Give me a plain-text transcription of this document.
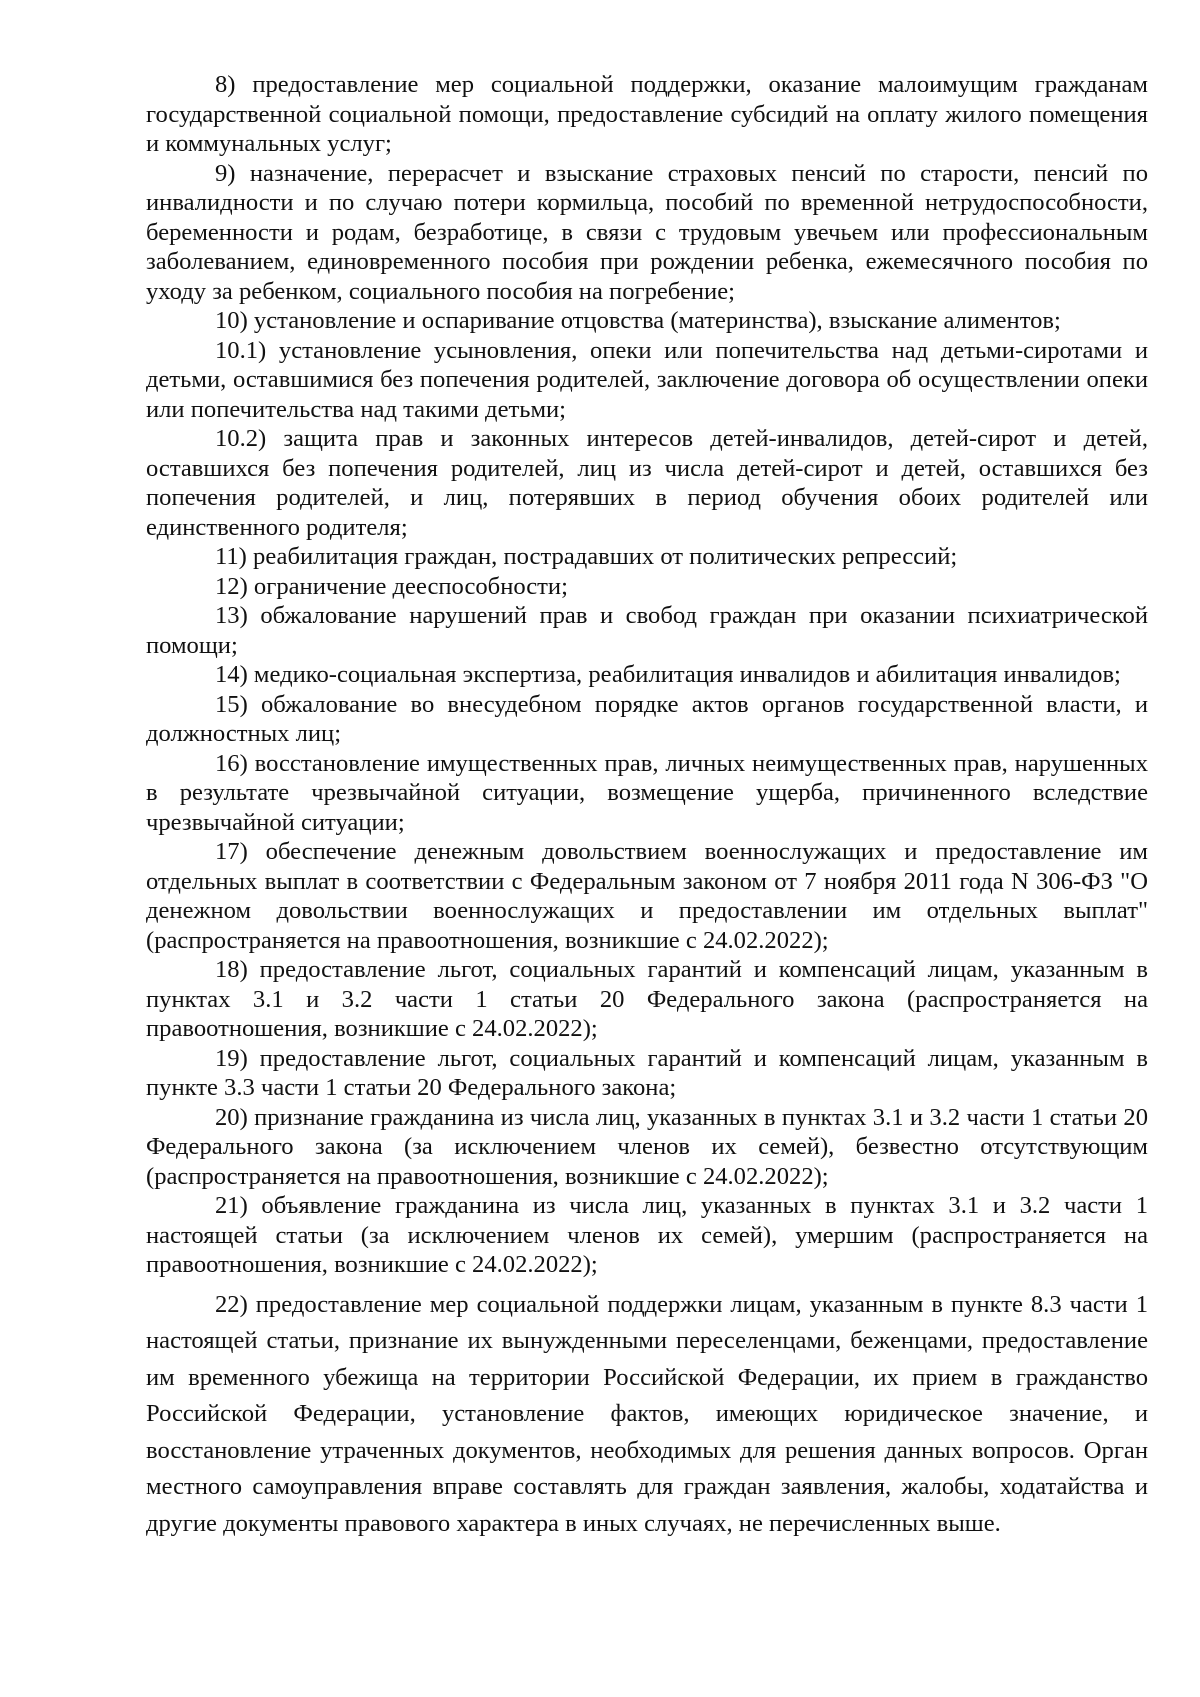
8) предоставление мер социальной поддержки, оказание малоимущим гражданам государственной социальной помощи, предоставление субсидий на оплату жилого помещения и коммунальных услуг;

9) назначение, перерасчет и взыскание страховых пенсий по старости, пенсий по инвалидности и по случаю потери кормильца, пособий по временной нетрудоспособности, беременности и родам, безработице, в связи с трудовым увечьем или профессиональным заболеванием, единовременного пособия при рождении ребенка, ежемесячного пособия по уходу за ребенком, социального пособия на погребение;

10) установление и оспаривание отцовства (материнства), взыскание алиментов;

10.1) установление усыновления, опеки или попечительства над детьми-сиротами и детьми, оставшимися без попечения родителей, заключение договора об осуществлении опеки или попечительства над такими детьми;

10.2) защита прав и законных интересов детей-инвалидов, детей-сирот и детей, оставшихся без попечения родителей, лиц из числа детей-сирот и детей, оставшихся без попечения родителей, и лиц, потерявших в период обучения обоих родителей или единственного родителя;

11) реабилитация граждан, пострадавших от политических репрессий;

12) ограничение дееспособности;

13) обжалование нарушений прав и свобод граждан при оказании психиатрической помощи;

14) медико-социальная экспертиза, реабилитация инвалидов и абилитация инвалидов;

15) обжалование во внесудебном порядке актов органов государственной власти, и должностных лиц;

16) восстановление имущественных прав, личных неимущественных прав, нарушенных в результате чрезвычайной ситуации, возмещение ущерба, причиненного вследствие чрезвычайной ситуации;

17) обеспечение денежным довольствием военнослужащих и предоставление им отдельных выплат в соответствии с Федеральным законом от 7 ноября 2011 года N 306-ФЗ "О денежном довольствии военнослужащих и предоставлении им отдельных выплат" (распространяется на правоотношения, возникшие с 24.02.2022);

18) предоставление льгот, социальных гарантий и компенсаций лицам, указанным в пунктах 3.1 и 3.2 части 1 статьи 20 Федерального закона (распространяется на правоотношения, возникшие с 24.02.2022);

19) предоставление льгот, социальных гарантий и компенсаций лицам, указанным в пункте 3.3 части 1 статьи 20 Федерального закона;

20) признание гражданина из числа лиц, указанных в пунктах 3.1 и 3.2 части 1 статьи 20 Федерального закона (за исключением членов их семей), безвестно отсутствующим (распространяется на правоотношения, возникшие с 24.02.2022);

21) объявление гражданина из числа лиц, указанных в пунктах 3.1 и 3.2 части 1 настоящей статьи (за исключением членов их семей), умершим (распространяется на правоотношения, возникшие с 24.02.2022);

22) предоставление мер социальной поддержки лицам, указанным в пункте 8.3 части 1 настоящей статьи, признание их вынужденными переселенцами, беженцами, предоставление им временного убежища на территории Российской Федерации, их прием в гражданство Российской Федерации, установление фактов, имеющих юридическое значение, и восстановление утраченных документов, необходимых для решения данных вопросов. Орган местного самоуправления вправе составлять для граждан заявления, жалобы, ходатайства и другие документы правового характера в иных случаях, не перечисленных выше.
